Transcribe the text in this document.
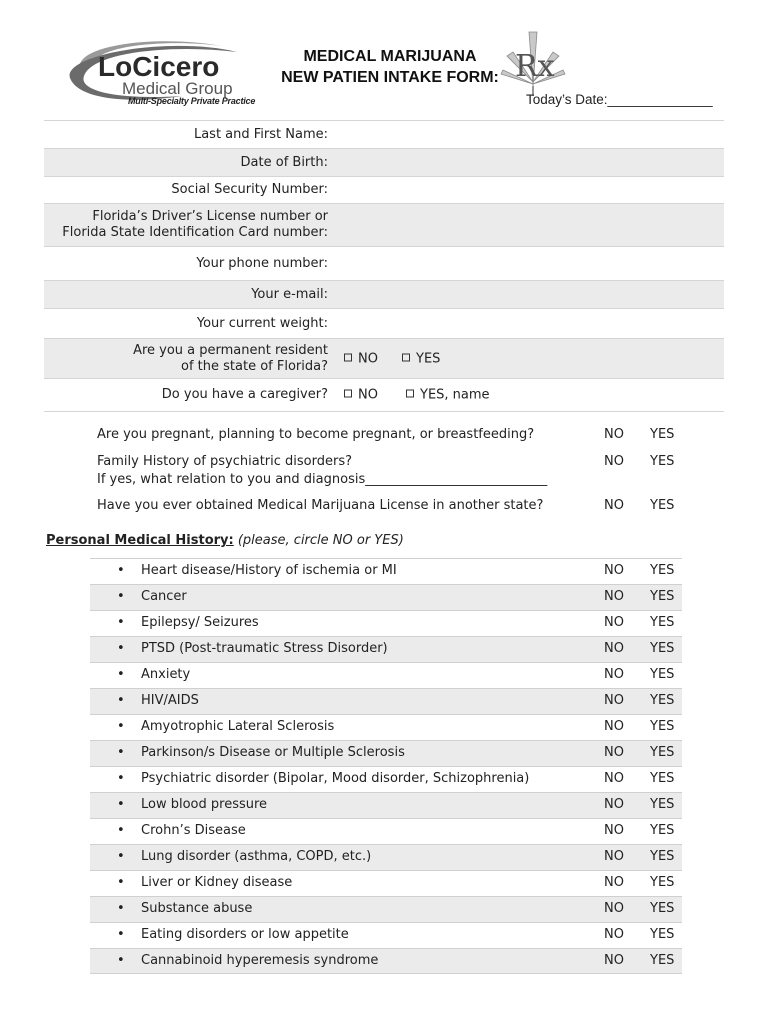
LoCicero
Medical Group
Multi-Specialty Private Practice
MEDICAL MARIJUANA
NEW PATIEN INTAKE FORM: Rx
Today’s Date:______________
Last and First Name:
Date of Birth:
Social Security Number:
Florida’s Driver’s License number or
Florida State Identification Card number:
Your phone number:
Your e-mail:
Your current weight:
Are you a permanent resident
of the state of Florida?	NO	YES
Do you have a caregiver?	NO	YES, name
Are you pregnant, planning to become pregnant, or breastfeeding?	NO YES
Family History of psychiatric disorders?
If yes, what relation to you and diagnosis____________________________
NO YES
Have you ever obtained Medical Marijuana License in another state?	NO YES
Personal Medical History: (please, circle NO or YES)
• Heart disease/History of ischemia or MI	NO YES
• Cancer	NO YES
• Epilepsy/ Seizures	NO YES
• PTSD (Post-traumatic Stress Disorder)	NO YES
• Anxiety	NO YES
• HIV/AIDS	NO YES
• Amyotrophic Lateral Sclerosis	NO YES
• Parkinson/s Disease or Multiple Sclerosis	NO YES
• Psychiatric disorder (Bipolar, Mood disorder, Schizophrenia)	NO YES
• Low blood pressure	NO YES
• Crohn’s Disease	NO YES
• Lung disorder (asthma, COPD, etc.)	NO YES
• Liver or Kidney disease	NO YES
• Substance abuse	NO YES
• Eating disorders or low appetite	NO YES
• Cannabinoid hyperemesis syndrome	NO YES
